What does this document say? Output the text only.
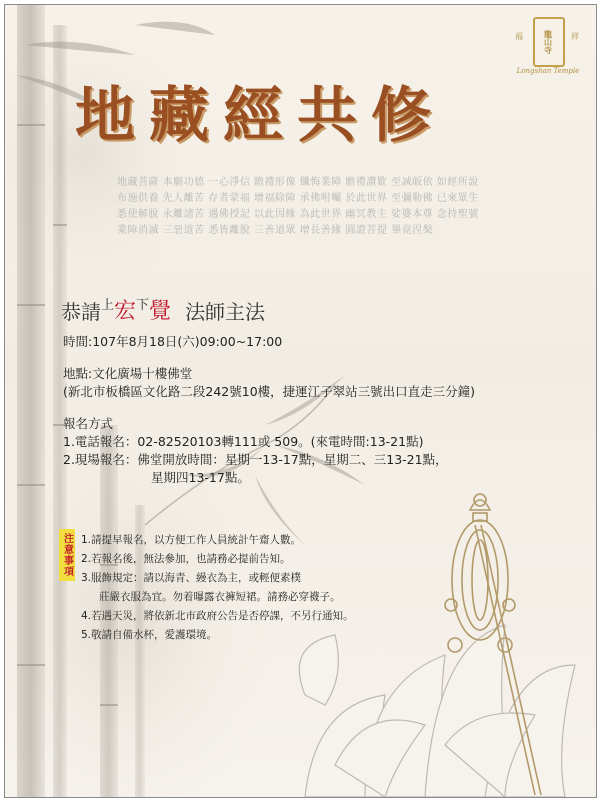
福	龍山寺 祥
Longshan Temple
地藏經共修
地藏菩薩 本願功德 一心淨信 瞻禮形像 懺悔業障 瞻禮讚歎 至誠皈依 如經所說
布施供養 先人離苦 存者蒙福 增福除障 承佛咐囑 於此世界 至彌勒佛 已來眾生
悉使解脫 永離諸苦 遇佛授記 以此因緣 為此世界 幽冥教主 娑婆本尊 念持聖號
業障消滅 三惡道苦 悉皆離脫 三善道眾 增長善緣 圓證菩提 畢竟涅槃
恭請 上 宏 下 覺 法師主法
時間:107年8月18日(六)09:00~17:00
地點:文化廣場十樓佛堂
(新北市板橋區文化路二段242號10樓，捷運江子翠站三號出口直走三分鐘)
報名方式
1.電話報名：02-82520103轉111或 509。(來電時間:13-21點)
2.現場報名：佛堂開放時間：星期一13-17點，星期二、三13-21點，
星期四13-17點。
注意事項 1.請提早報名，以方便工作人員統計午齋人數。
2.若報名後，無法參加，也請務必提前告知。
3.服飾規定：請以海青、縵衣為主，或輕便素樸
莊嚴衣服為宜。勿着曝露衣褲短裙。請務必穿襪子。
4.若遇天災，將依新北市政府公告是否停課，不另行通知。
5.敬請自備水杯，愛護環境。
